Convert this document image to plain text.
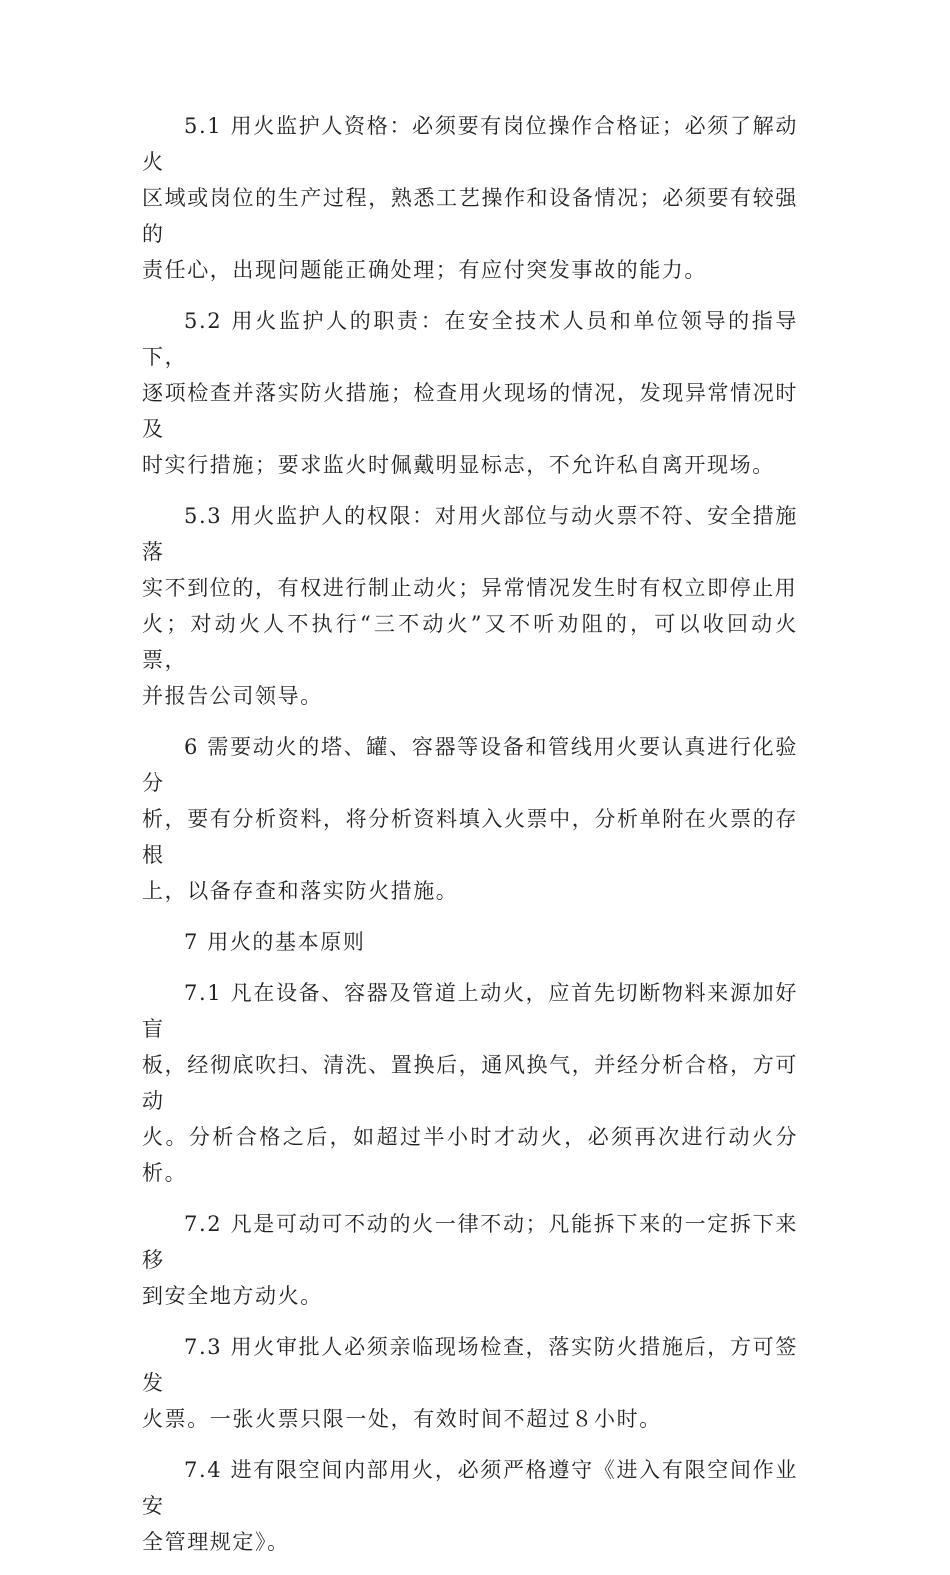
5.1 用火监护人资格：必须要有岗位操作合格证；必须了解动火
区域或岗位的生产过程，熟悉工艺操作和设备情况；必须要有较强的
责任心，出现问题能正确处理；有应付突发事故的能力。

5.2 用火监护人的职责：在安全技术人员和单位领导的指导下，
逐项检查并落实防火措施；检查用火现场的情况，发现异常情况时及
时实行措施；要求监火时佩戴明显标志，不允许私自离开现场。

5.3 用火监护人的权限：对用火部位与动火票不符、安全措施落
实不到位的，有权进行制止动火；异常情况发生时有权立即停止用
火；对动火人不执行“三不动火”又不听劝阻的，可以收回动火票，
并报告公司领导。

6 需要动火的塔、罐、容器等设备和管线用火要认真进行化验分
析，要有分析资料，将分析资料填入火票中，分析单附在火票的存根
上，以备存查和落实防火措施。

7 用火的基本原则

7.1 凡在设备、容器及管道上动火，应首先切断物料来源加好盲
板，经彻底吹扫、清洗、置换后，通风换气，并经分析合格，方可动
火。分析合格之后，如超过半小时才动火，必须再次进行动火分析。

7.2 凡是可动可不动的火一律不动；凡能拆下来的一定拆下来移
到安全地方动火。

7.3 用火审批人必须亲临现场检查，落实防火措施后，方可签发
火票。一张火票只限一处，有效时间不超过８小时。

7.4 进有限空间内部用火，必须严格遵守《进入有限空间作业安
全管理规定》。
